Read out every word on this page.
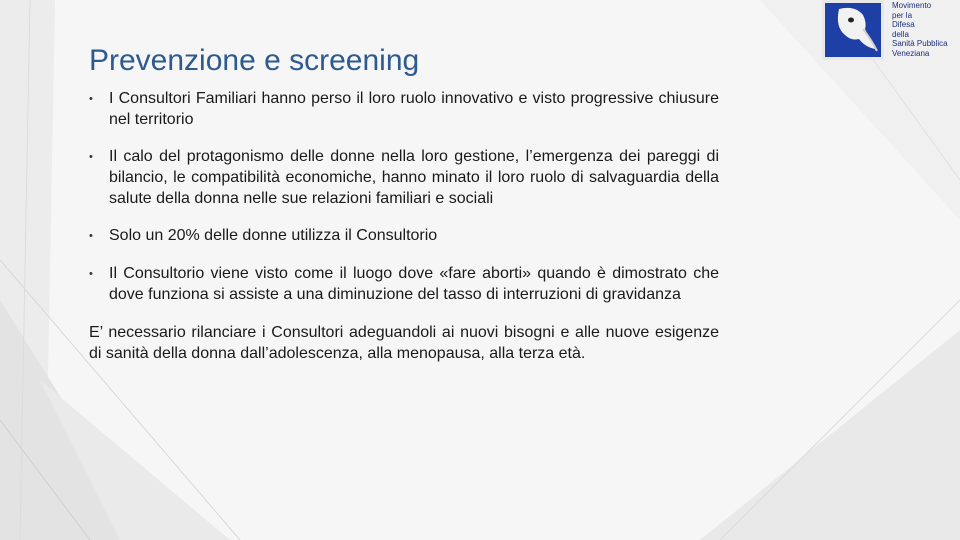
Prevenzione e screening
•	I Consultori Familiari hanno perso il loro ruolo innovativo e visto progressive chiusure nel territorio
•	Il calo del protagonismo delle donne nella loro gestione, l’emergenza dei pareggi di bilancio, le compatibilità economiche, hanno minato il loro ruolo di salvaguardia della salute della donna nelle sue relazioni familiari e sociali
•	Solo un 20% delle donne utilizza il Consultorio
•	Il Consultorio viene visto come il luogo dove «fare aborti» quando è dimostrato che dove funziona si assiste a una diminuzione del tasso di interruzioni di gravidanza
E’ necessario rilanciare i Consultori adeguandoli ai nuovi bisogni e alle nuove esigenze di sanità della donna dall’adolescenza, alla menopausa, alla terza età.
Movimento
per la
Difesa
della
Sanità Pubblica
Veneziana
